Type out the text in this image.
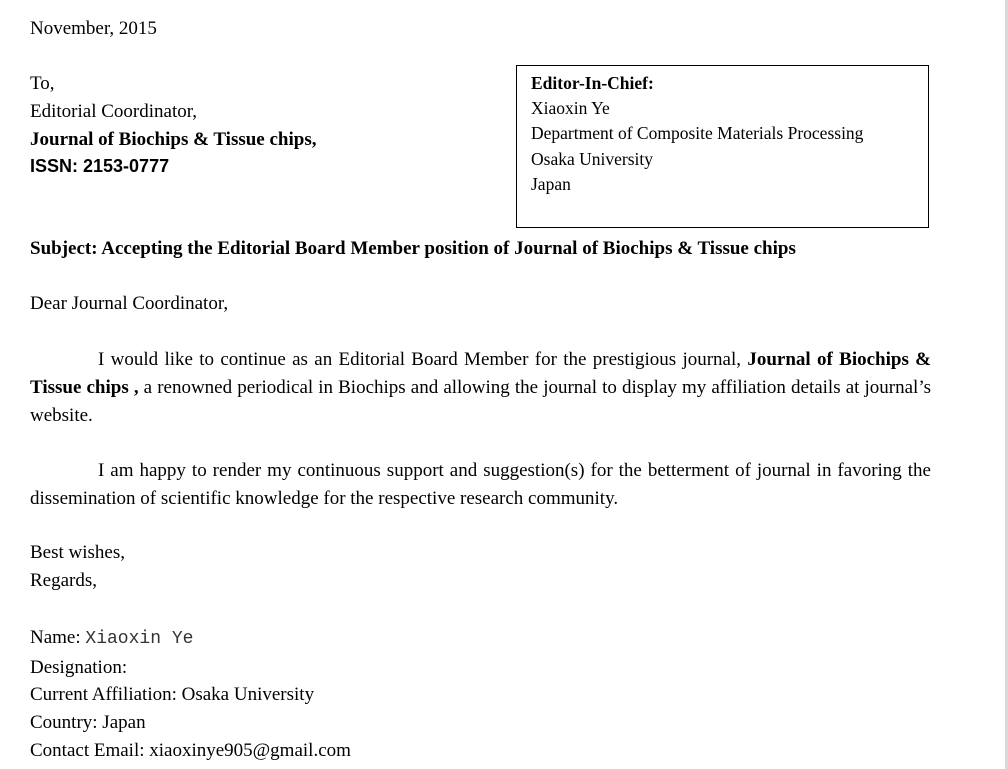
November, 2015
To,
Editorial Coordinator,
Journal of Biochips & Tissue chips,
ISSN: 2153-0777
Editor-In-Chief:
Xiaoxin Ye
Department of Composite Materials Processing
Osaka University
Japan
Subject: Accepting the Editorial Board Member position of Journal of Biochips & Tissue chips
Dear Journal Coordinator,
I would like to continue as an Editorial Board Member for the prestigious journal, Journal of Biochips & Tissue chips , a renowned periodical in Biochips and allowing the journal to display my affiliation details at journal’s website.
I am happy to render my continuous support and suggestion(s) for the betterment of journal in favoring the dissemination of scientific knowledge for the respective research community.
Best wishes,
Regards,
Name: Xiaoxin Ye
Designation:
Current Affiliation: Osaka University
Country: Japan
Contact Email: xiaoxinye905@gmail.com
